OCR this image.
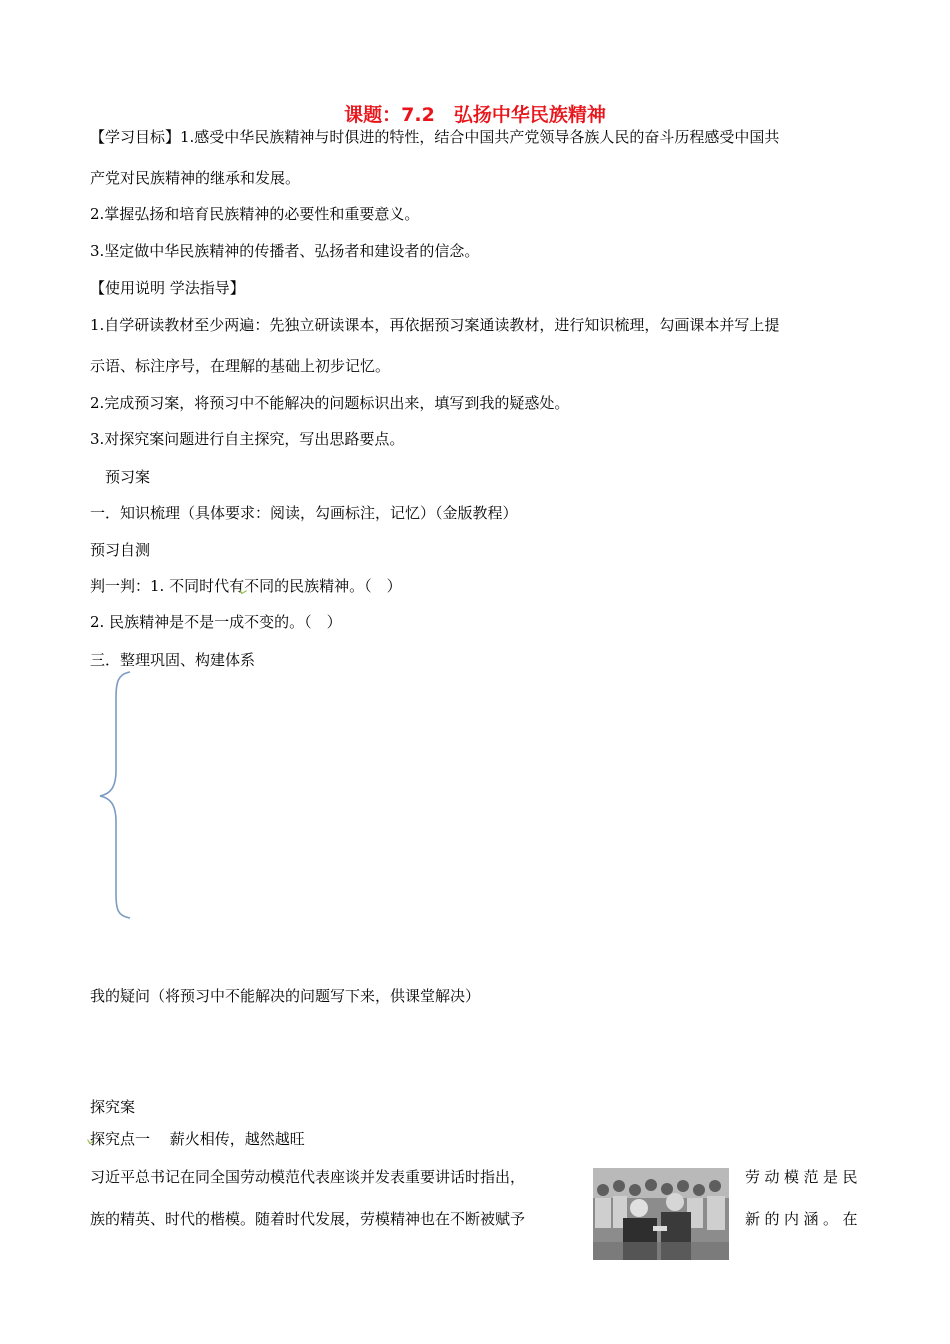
课题：7.2　弘扬中华民族精神

【学习目标】1.感受中华民族精神与时俱进的特性，结合中国共产党领导各族人民的奋斗历程感受中国共

产党对民族精神的继承和发展。

2.掌握弘扬和培育民族精神的必要性和重要意义。

3.坚定做中华民族精神的传播者、弘扬者和建设者的信念。

【使用说明 学法指导】

1.自学研读教材至少两遍：先独立研读课本，再依据预习案通读教材，进行知识梳理，勾画课本并写上提

示语、标注序号，在理解的基础上初步记忆。

2.完成预习案，将预习中不能解决的问题标识出来，填写到我的疑惑处。

3.对探究案问题进行自主探究，写出思路要点。

预习案

一．知识梳理（具体要求：阅读，勾画标注，记忆）（金版教程）

预习自测

判一判：1. 不同时代有不同的民族精神。（　）

2. 民族精神是不是一成不变的。（　）

三．整理巩固、构建体系

我的疑问（将预习中不能解决的问题写下来，供课堂解决）

探究案

探究点一　 薪火相传，越然越旺

习近平总书记在同全国劳动模范代表座谈并发表重要讲话时指出，	劳动模范是民
族的精英、时代的楷模。随着时代发展，劳模精神也在不断被赋予	新的内涵。在
